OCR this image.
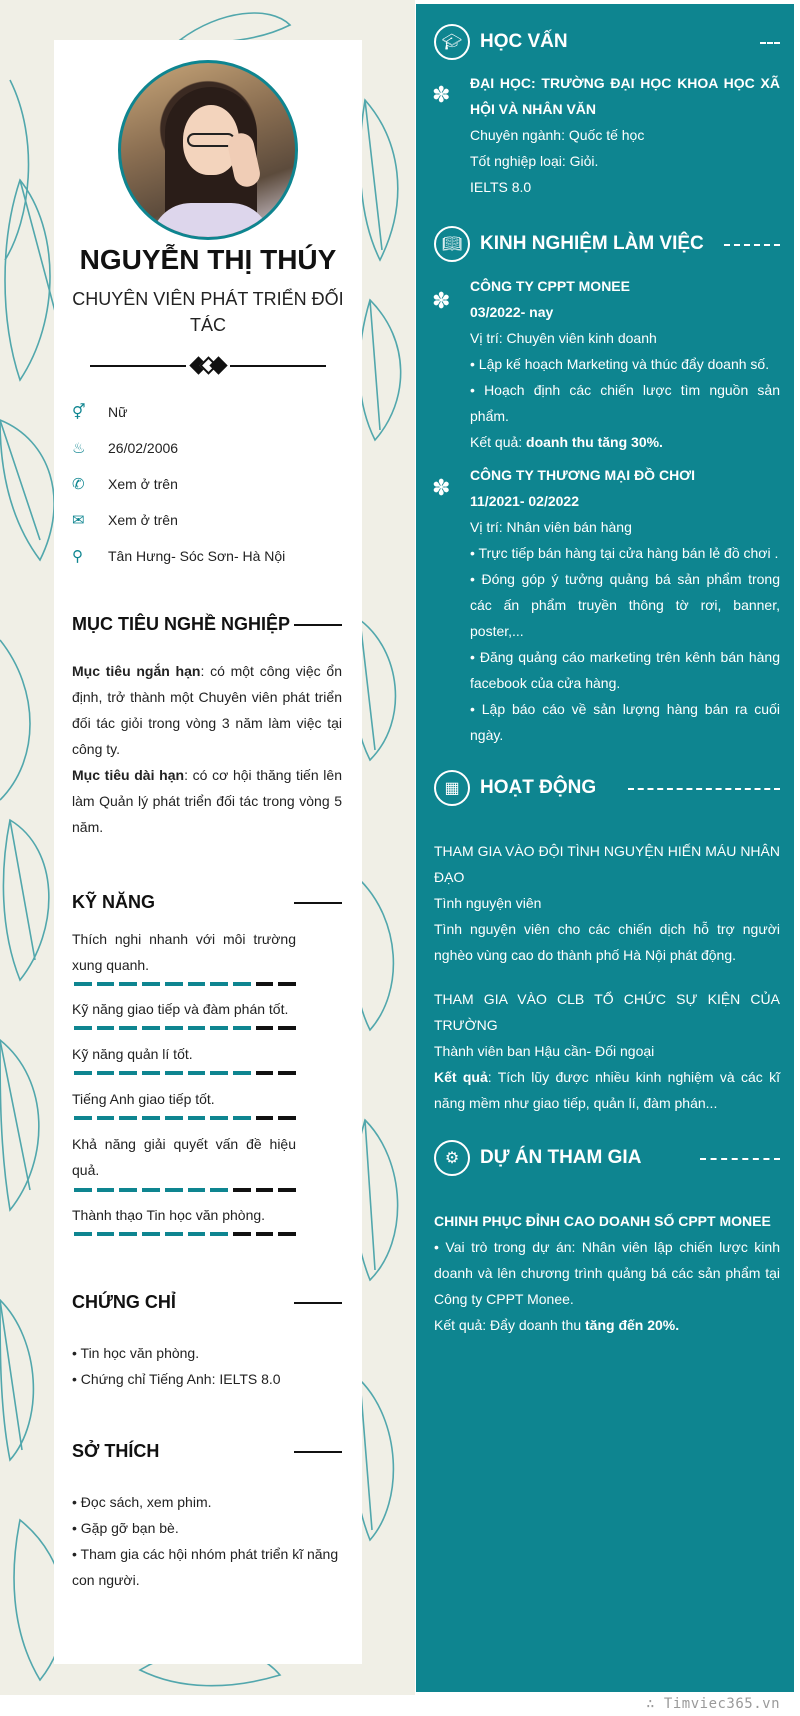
NGUYỄN THỊ THÚY
CHUYÊN VIÊN PHÁT TRIỂN ĐỐI TÁC
⚥	Nữ
♨	26/02/2006
✆	Xem ở trên
✉	Xem ở trên
⚲	Tân Hưng- Sóc Sơn- Hà Nội
MỤC TIÊU NGHỀ NGHIỆP
Mục tiêu ngắn hạn: có một công việc ổn định, trở thành một Chuyên viên phát triển đối tác giỏi trong vòng 3 năm làm việc tại công ty.
Mục tiêu dài hạn: có cơ hội thăng tiến lên làm Quản lý phát triển đối tác trong vòng 5 năm.
KỸ NĂNG
Thích nghi nhanh với môi trường xung quanh.
Kỹ năng giao tiếp và đàm phán tốt.
Kỹ năng quản lí tốt.
Tiếng Anh giao tiếp tốt.
Khả năng giải quyết vấn đề hiệu quả.
Thành thạo Tin học văn phòng.
CHỨNG CHỈ
• Tin học văn phòng.
• Chứng chỉ Tiếng Anh: IELTS 8.0
SỞ THÍCH
• Đọc sách, xem phim.
• Gặp gỡ bạn bè.
• Tham gia các hội nhóm phát triển kĩ năng con người.
🎓︎ HỌC VẤN
✽ ĐẠI HỌC: TRƯỜNG ĐẠI HỌC KHOA HỌC XÃ HỘI VÀ NHÂN VĂN
Chuyên ngành: Quốc tế học
Tốt nghiệp loại: Giỏi.
IELTS 8.0
📖︎ KINH NGHIỆM LÀM VIỆC
✽
CÔNG TY CPPT MONEE
03/2022- nay
Vị trí: Chuyên viên kinh doanh
• Lập kế hoạch Marketing và thúc đẩy doanh số.
• Hoạch định các chiến lược tìm nguồn sản phẩm.
Kết quả: doanh thu tăng 30%.
✽ CÔNG TY THƯƠNG MẠI ĐỒ CHƠI
11/2021- 02/2022
Vị trí: Nhân viên bán hàng
• Trực tiếp bán hàng tại cửa hàng bán lẻ đồ chơi .
• Đóng góp ý tưởng quảng bá sản phẩm trong các ấn phẩm truyền thông tờ rơi, banner, poster,...
• Đăng quảng cáo marketing trên kênh bán hàng facebook của cửa hàng.
• Lập báo cáo về sản lượng hàng bán ra cuối ngày.
▦	HOẠT ĐỘNG
THAM GIA VÀO ĐỘI TÌNH NGUYỆN HIẾN MÁU NHÂN ĐẠO
Tình nguyện viên
Tình nguyện viên cho các chiến dịch hỗ trợ người nghèo vùng cao do thành phố Hà Nội phát động.
THAM GIA VÀO CLB TỔ CHỨC SỰ KIỆN CỦA TRƯỜNG
Thành viên ban Hậu cần- Đối ngoại
Kết quả: Tích lũy được nhiều kinh nghiệm và các kĩ năng mềm như giao tiếp, quản lí, đàm phán...
⚙	DỰ ÁN THAM GIA
CHINH PHỤC ĐỈNH CAO DOANH SỐ CPPT MONEE
• Vai trò trong dự án: Nhân viên lập chiến lược kinh doanh và lên chương trình quảng bá các sản phẩm tại Công ty CPPT Monee.
Kết quả: Đẩy doanh thu tăng đến 20%.
∴ Timviec365.vn
